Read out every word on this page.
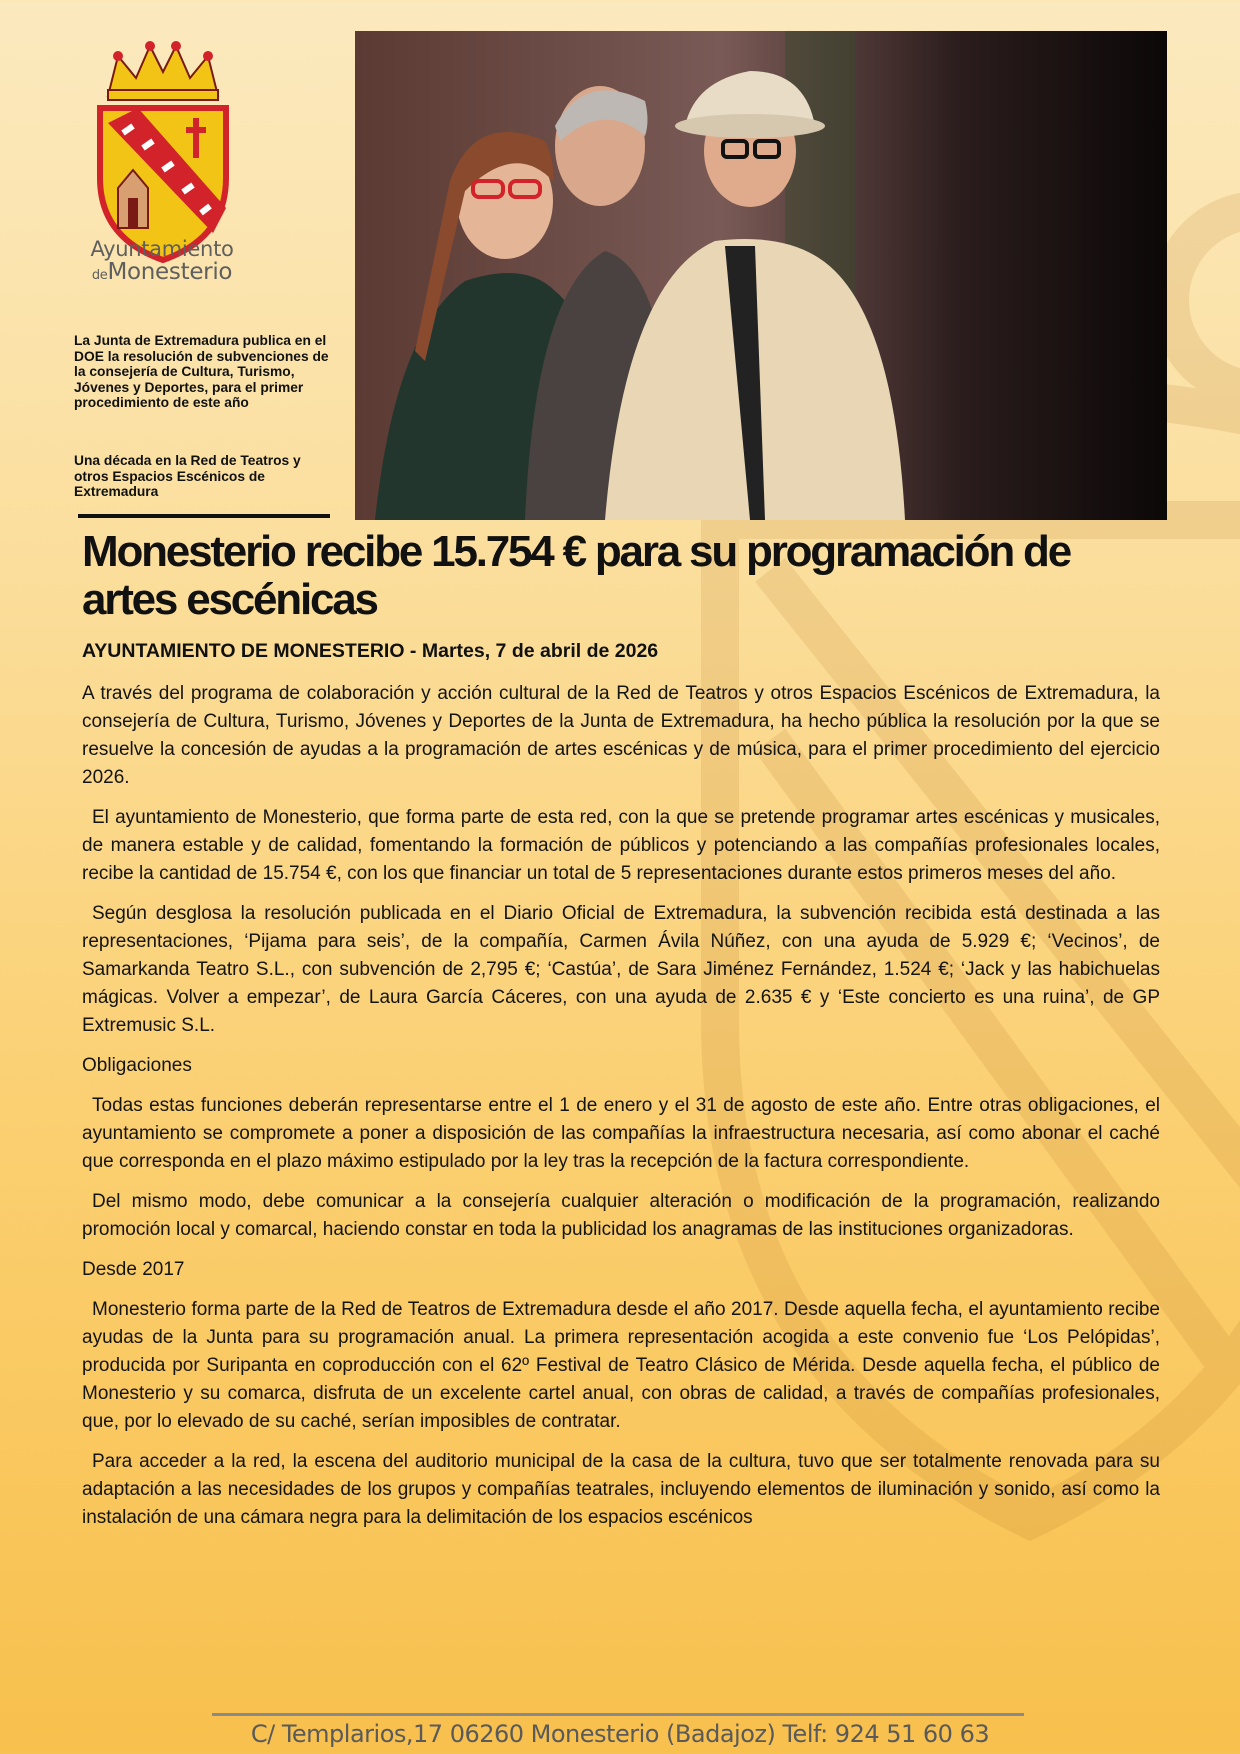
Ayuntamiento
deMonesterio
La Junta de Extremadura publica en el DOE la resolución de subvenciones de la consejería de Cultura, Turismo, Jóvenes y Deportes, para el primer procedimiento de este año
Una década en la Red de Teatros y otros Espacios Escénicos de Extremadura
Monesterio recibe 15.754 € para su programación de artes escénicas

AYUNTAMIENTO DE MONESTERIO - Martes, 7 de abril de 2026

A través del programa de colaboración y acción cultural de la Red de Teatros y otros Espacios Escénicos de Extremadura, la consejería de Cultura, Turismo, Jóvenes y Deportes de la Junta de Extremadura, ha hecho pública la resolución por la que se resuelve la concesión de ayudas a la programación de artes escénicas y de música, para el primer procedimiento del ejercicio 2026.

El ayuntamiento de Monesterio, que forma parte de esta red, con la que se pretende programar artes escénicas y musicales, de manera estable y de calidad, fomentando la formación de públicos y potenciando a las compañías profesionales locales, recibe la cantidad de 15.754 €, con los que financiar un total de 5 representaciones durante estos primeros meses del año.

Según desglosa la resolución publicada en el Diario Oficial de Extremadura, la subvención recibida está destinada a las representaciones, ‘Pijama para seis’, de la compañía, Carmen Ávila Núñez, con una ayuda de 5.929 €; ‘Vecinos’, de Samarkanda Teatro S.L., con subvención de 2,795 €; ‘Castúa’, de Sara Jiménez Fernández, 1.524 €; ‘Jack y las habichuelas mágicas. Volver a empezar’, de Laura García Cáceres, con una ayuda de 2.635 € y ‘Este concierto es una ruina’, de GP Extremusic S.L.

Obligaciones

Todas estas funciones deberán representarse entre el 1 de enero y el 31 de agosto de este año. Entre otras obligaciones, el ayuntamiento se compromete a poner a disposición de las compañías la infraestructura necesaria, así como abonar el caché que corresponda en el plazo máximo estipulado por la ley tras la recepción de la factura correspondiente.

Del mismo modo, debe comunicar a la consejería cualquier alteración o modificación de la programación, realizando promoción local y comarcal, haciendo constar en toda la publicidad los anagramas de las instituciones organizadoras.

Desde 2017

Monesterio forma parte de la Red de Teatros de Extremadura desde el año 2017. Desde aquella fecha, el ayuntamiento recibe ayudas de la Junta para su programación anual. La primera representación acogida a este convenio fue ‘Los Pelópidas’, producida por Suripanta en coproducción con el 62º Festival de Teatro Clásico de Mérida. Desde aquella fecha, el público de Monesterio y su comarca, disfruta de un excelente cartel anual, con obras de calidad, a través de compañías profesionales, que, por lo elevado de su caché, serían imposibles de contratar.

Para acceder a la red, la escena del auditorio municipal de la casa de la cultura, tuvo que ser totalmente renovada para su adaptación a las necesidades de los grupos y compañías teatrales, incluyendo elementos de iluminación y sonido, así como la instalación de una cámara negra para la delimitación de los espacios escénicos

C/ Templarios,17 06260 Monesterio (Badajoz) Telf: 924 51 60 63
